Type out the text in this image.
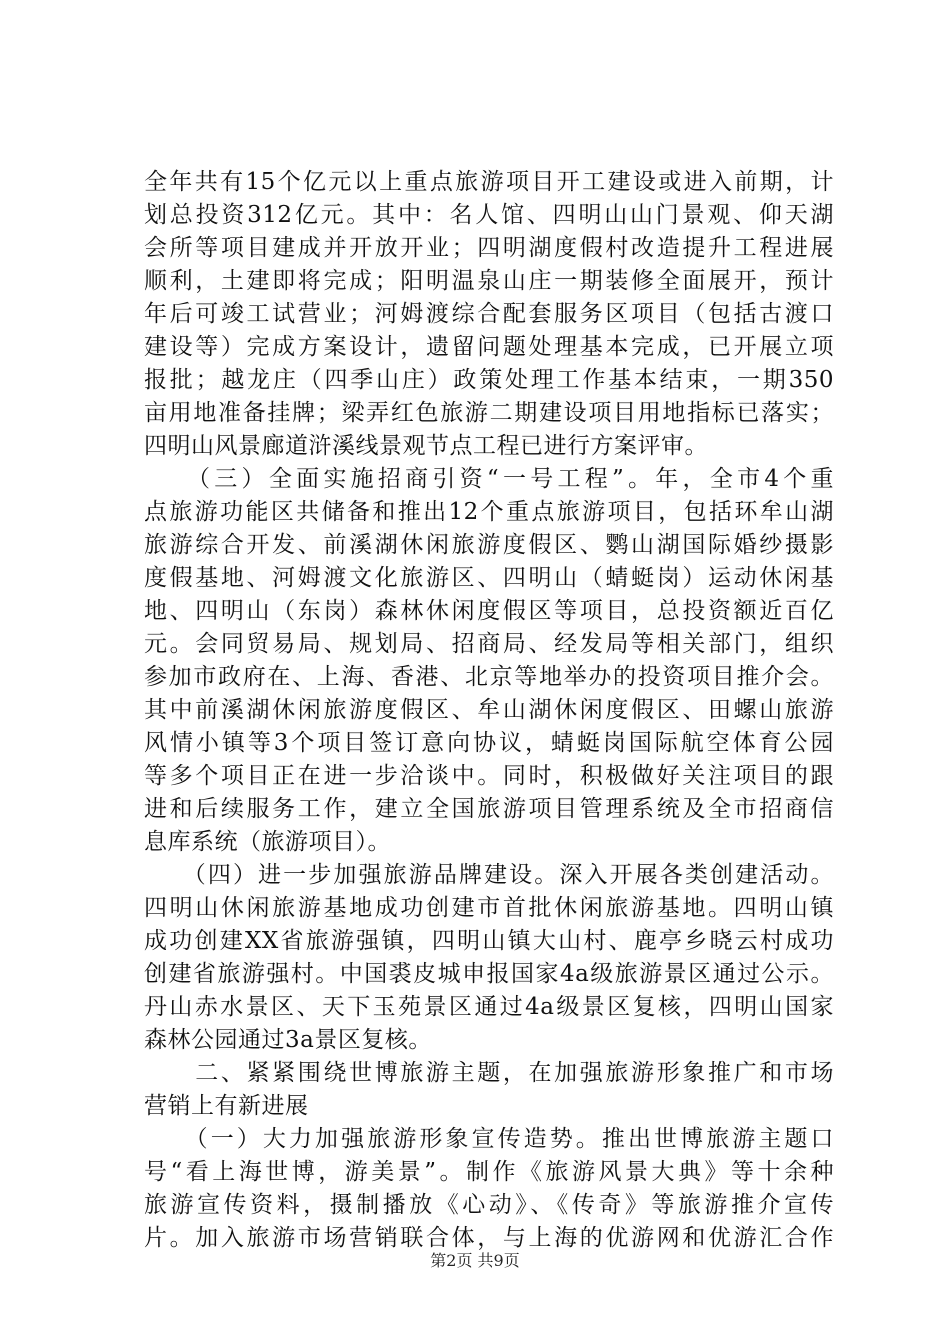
全年共有15个亿元以上重点旅游项目开工建设或进入前期，计
划总投资312亿元。其中：名人馆、四明山山门景观、仰天湖
会所等项目建成并开放开业；四明湖度假村改造提升工程进展
顺利，土建即将完成；阳明温泉山庄一期装修全面展开，预计
年后可竣工试营业；河姆渡综合配套服务区项目（包括古渡口
建设等）完成方案设计，遗留问题处理基本完成，已开展立项
报批；越龙庄（四季山庄）政策处理工作基本结束，一期350
亩用地准备挂牌；梁弄红色旅游二期建设项目用地指标已落实；
四明山风景廊道浒溪线景观节点工程已进行方案评审。
　　（三）全面实施招商引资“一号工程”。年，全市4个重
点旅游功能区共储备和推出12个重点旅游项目，包括环牟山湖
旅游综合开发、前溪湖休闲旅游度假区、鹦山湖国际婚纱摄影
度假基地、河姆渡文化旅游区、四明山（蜻蜓岗）运动休闲基
地、四明山（东岗）森林休闲度假区等项目，总投资额近百亿
元。会同贸易局、规划局、招商局、经发局等相关部门，组织
参加市政府在、上海、香港、北京等地举办的投资项目推介会。
其中前溪湖休闲旅游度假区、牟山湖休闲度假区、田螺山旅游
风情小镇等3个项目签订意向协议，蜻蜓岗国际航空体育公园
等多个项目正在进一步洽谈中。同时，积极做好关注项目的跟
进和后续服务工作，建立全国旅游项目管理系统及全市招商信
息库系统（旅游项目）。
　　（四）进一步加强旅游品牌建设。深入开展各类创建活动。
四明山休闲旅游基地成功创建市首批休闲旅游基地。四明山镇
成功创建XX省旅游强镇，四明山镇大山村、鹿亭乡晓云村成功
创建省旅游强村。中国裘皮城申报国家4a级旅游景区通过公示。
丹山赤水景区、天下玉苑景区通过4a级景区复核，四明山国家
森林公园通过3a景区复核。
　　二、紧紧围绕世博旅游主题，在加强旅游形象推广和市场
营销上有新进展
　　（一）大力加强旅游形象宣传造势。推出世博旅游主题口
号“看上海世博，游美景”。制作《旅游风景大典》等十余种
旅游宣传资料，摄制播放《心动》、《传奇》等旅游推介宣传
片。加入旅游市场营销联合体，与上海的优游网和优游汇合作
第2页 共9页
